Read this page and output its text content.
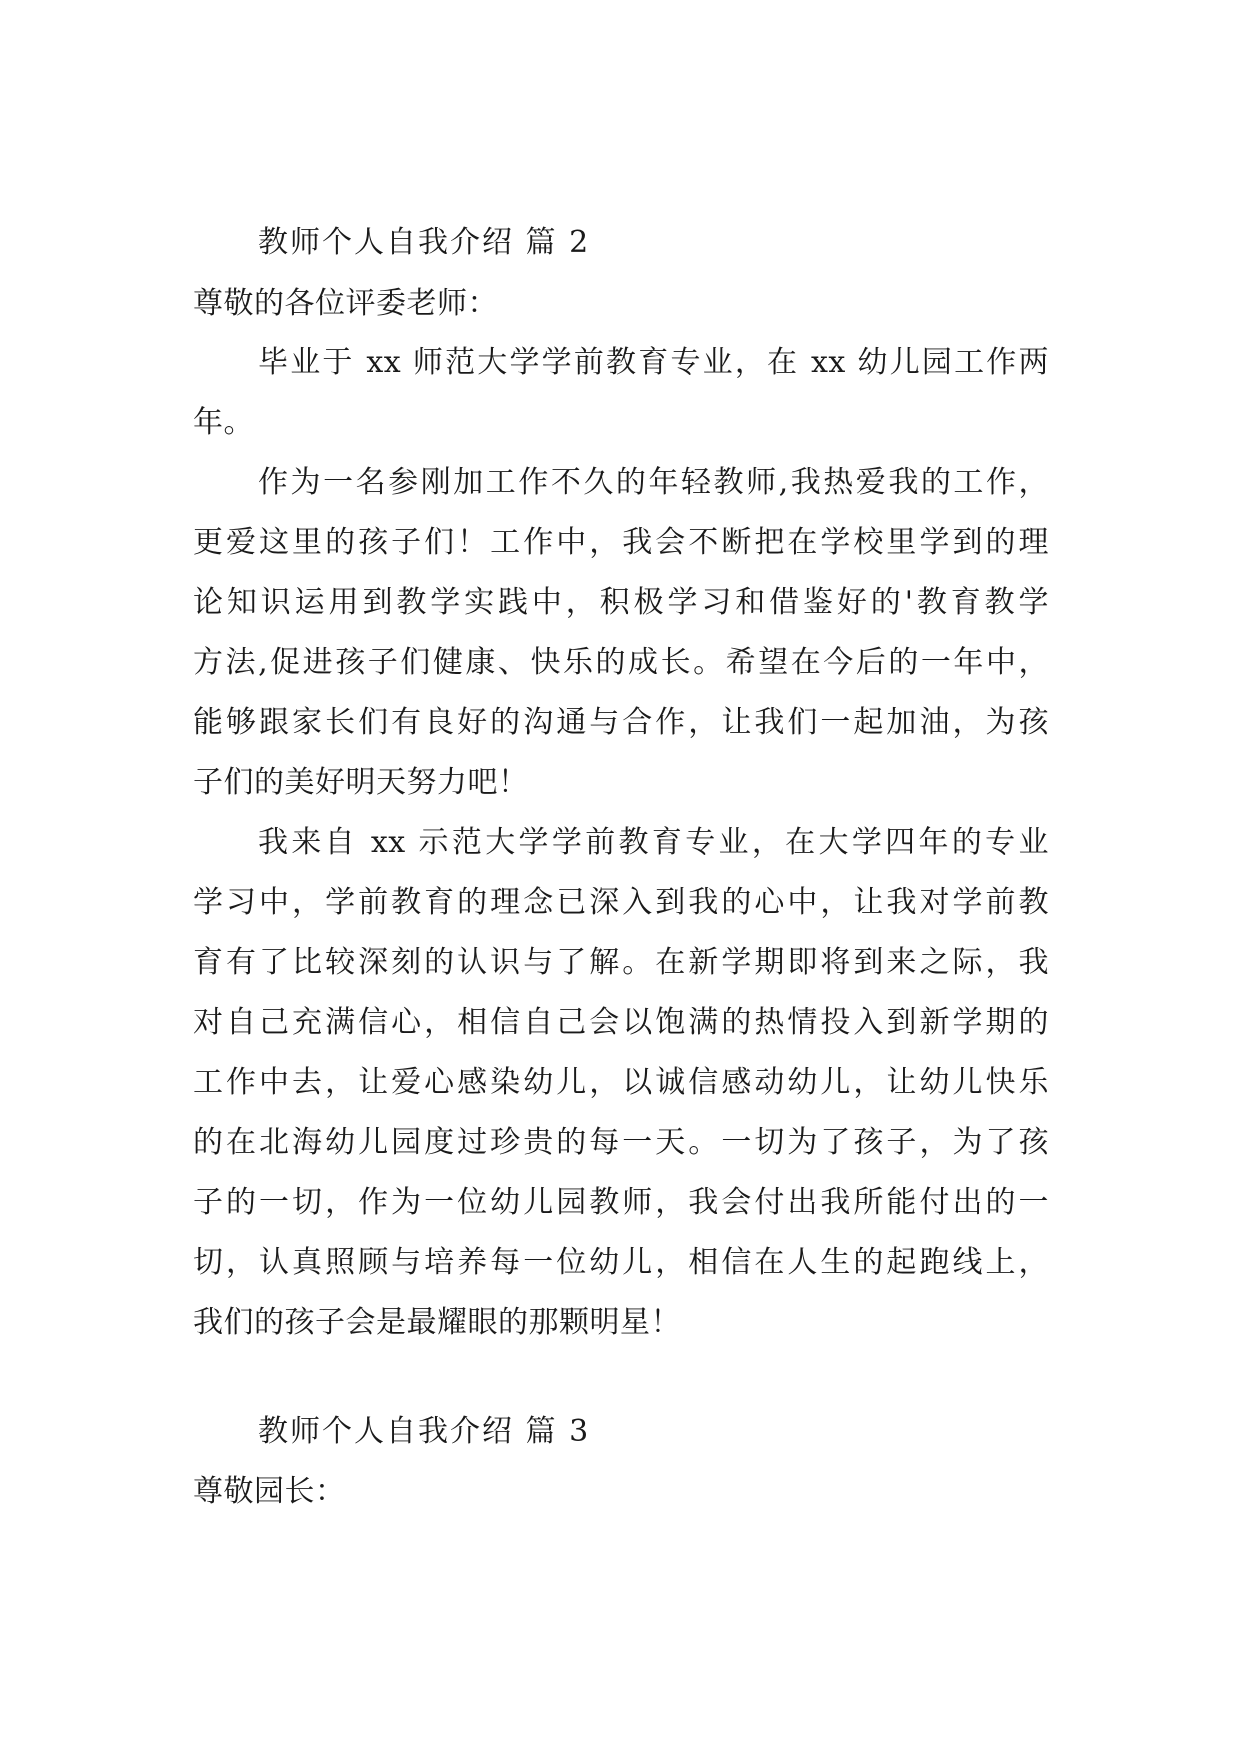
教师个人自我介绍 篇 2
尊敬的各位评委老师：
毕业于 xx 师范大学学前教育专业，在 xx 幼儿园工作两
年。
作为一名参刚加工作不久的年轻教师,我热爱我的工作，
更爱这里的孩子们！工作中，我会不断把在学校里学到的理
论知识运用到教学实践中，积极学习和借鉴好的'教育教学
方法,促进孩子们健康、快乐的成长。希望在今后的一年中，
能够跟家长们有良好的沟通与合作，让我们一起加油，为孩
子们的美好明天努力吧！
我来自 xx 示范大学学前教育专业，在大学四年的专业
学习中，学前教育的理念已深入到我的心中，让我对学前教
育有了比较深刻的认识与了解。在新学期即将到来之际，我
对自己充满信心，相信自己会以饱满的热情投入到新学期的
工作中去，让爱心感染幼儿，以诚信感动幼儿，让幼儿快乐
的在北海幼儿园度过珍贵的每一天。一切为了孩子，为了孩
子的一切，作为一位幼儿园教师，我会付出我所能付出的一
切，认真照顾与培养每一位幼儿，相信在人生的起跑线上，
我们的孩子会是最耀眼的那颗明星！
教师个人自我介绍 篇 3
尊敬园长：
